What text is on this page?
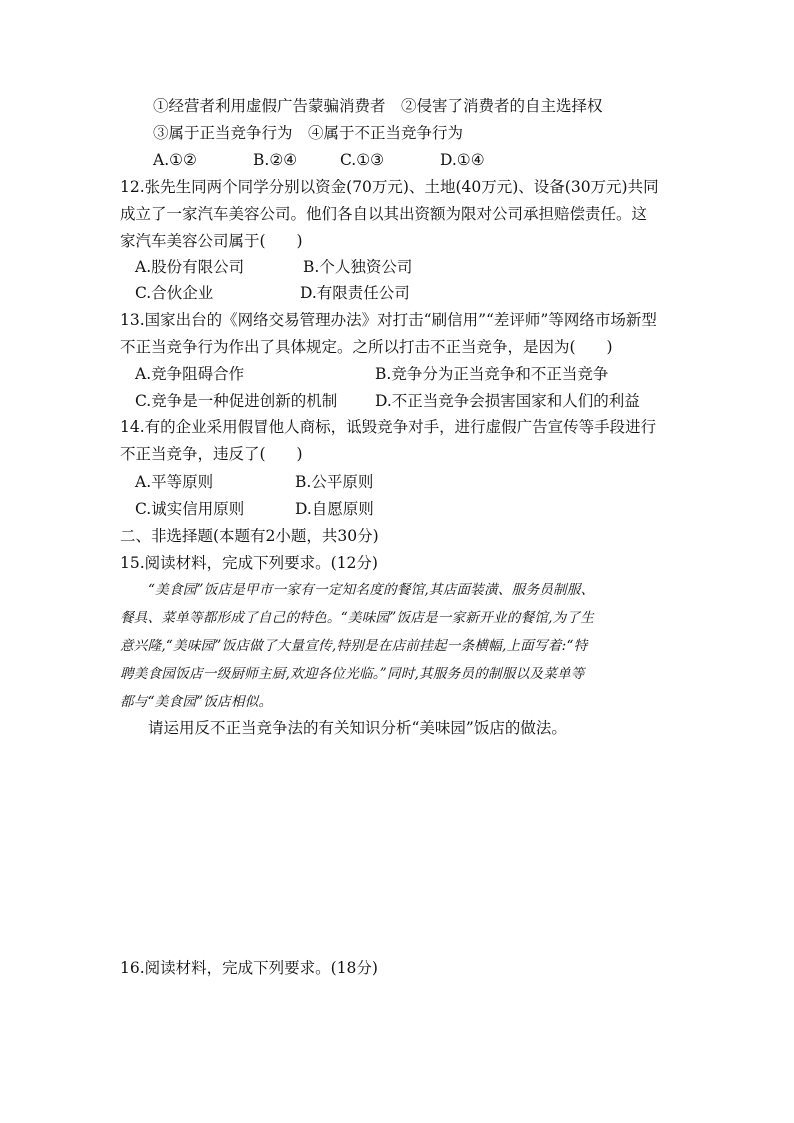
①经营者利用虚假广告蒙骗消费者　②侵害了消费者的自主选择权
③属于正当竞争行为　④属于不正当竞争行为
A.①②	B.②④	C.①③	D.①④
12.张先生同两个同学分别以资金(70万元)、土地(40万元)、设备(30万元)共同
成立了一家汽车美容公司。他们各自以其出资额为限对公司承担赔偿责任。这
家汽车美容公司属于(　　)
A.股份有限公司	B.个人独资公司
C.合伙企业	D.有限责任公司
13.国家出台的《网络交易管理办法》对打击“刷信用”“差评师”等网络市场新型
不正当竞争行为作出了具体规定。之所以打击不正当竞争，是因为(　　)
A.竞争阻碍合作	B.竞争分为正当竞争和不正当竞争
C.竞争是一种促进创新的机制 D.不正当竞争会损害国家和人们的利益
14.有的企业采用假冒他人商标，诋毁竞争对手，进行虚假广告宣传等手段进行
不正当竞争，违反了(　　)
A.平等原则	B.公平原则
C.诚实信用原则	D.自愿原则
二、非选择题(本题有2小题，共30分)
15.阅读材料，完成下列要求。(12分)
“美食园”饭店是甲市一家有一定知名度的餐馆,其店面装潢、服务员制服、
餐具、菜单等都形成了自己的特色。“美味园”饭店是一家新开业的餐馆,为了生
意兴隆,“美味园”饭店做了大量宣传,特别是在店前挂起一条横幅,上面写着:“特
聘美食园饭店一级厨师主厨,欢迎各位光临。”同时,其服务员的制服以及菜单等
都与“美食园”饭店相似。
请运用反不正当竞争法的有关知识分析“美味园”饭店的做法。
16.阅读材料，完成下列要求。(18分)
